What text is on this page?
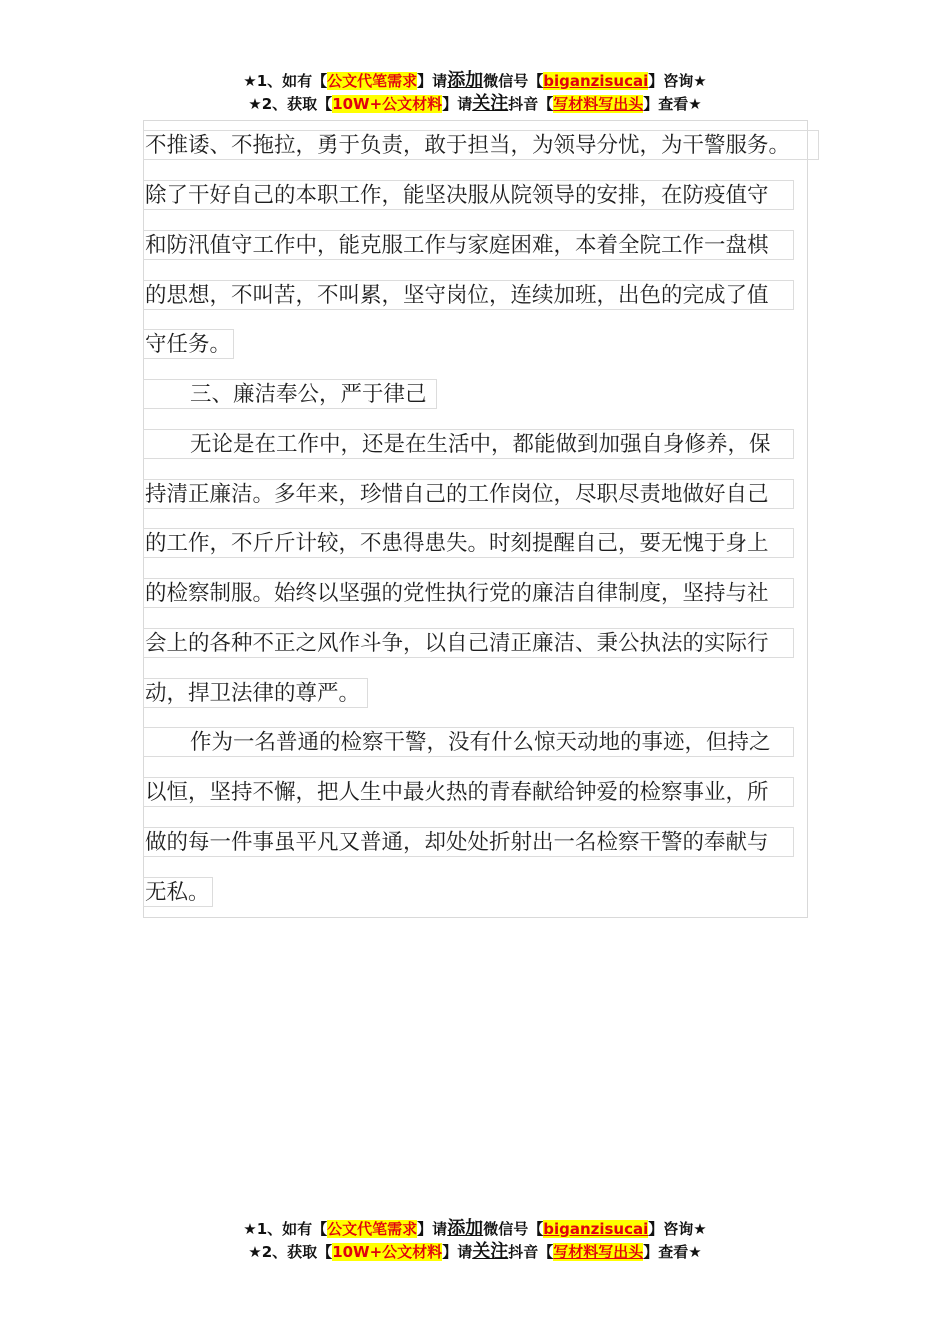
★1、如有【公文代笔需求】请添加微信号【biganzisucai】咨询★
★2、获取【10W+公文材料】请关注抖音【写材料写出头】查看★
不推诿、不拖拉，勇于负责，敢于担当，为领导分忧，为干警服务。
除了干好自己的本职工作，能坚决服从院领导的安排，在防疫值守
和防汛值守工作中，能克服工作与家庭困难，本着全院工作一盘棋
的思想，不叫苦，不叫累，坚守岗位，连续加班，出色的完成了值
守任务。
三、廉洁奉公，严于律己
无论是在工作中，还是在生活中，都能做到加强自身修养，保
持清正廉洁。多年来，珍惜自己的工作岗位，尽职尽责地做好自己
的工作，不斤斤计较，不患得患失。时刻提醒自己，要无愧于身上
的检察制服。始终以坚强的党性执行党的廉洁自律制度，坚持与社
会上的各种不正之风作斗争，以自己清正廉洁、秉公执法的实际行
动，捍卫法律的尊严。
作为一名普通的检察干警，没有什么惊天动地的事迹，但持之
以恒，坚持不懈，把人生中最火热的青春献给钟爱的检察事业，所
做的每一件事虽平凡又普通，却处处折射出一名检察干警的奉献与
无私。
★1、如有【公文代笔需求】请添加微信号【biganzisucai】咨询★
★2、获取【10W+公文材料】请关注抖音【写材料写出头】查看★
